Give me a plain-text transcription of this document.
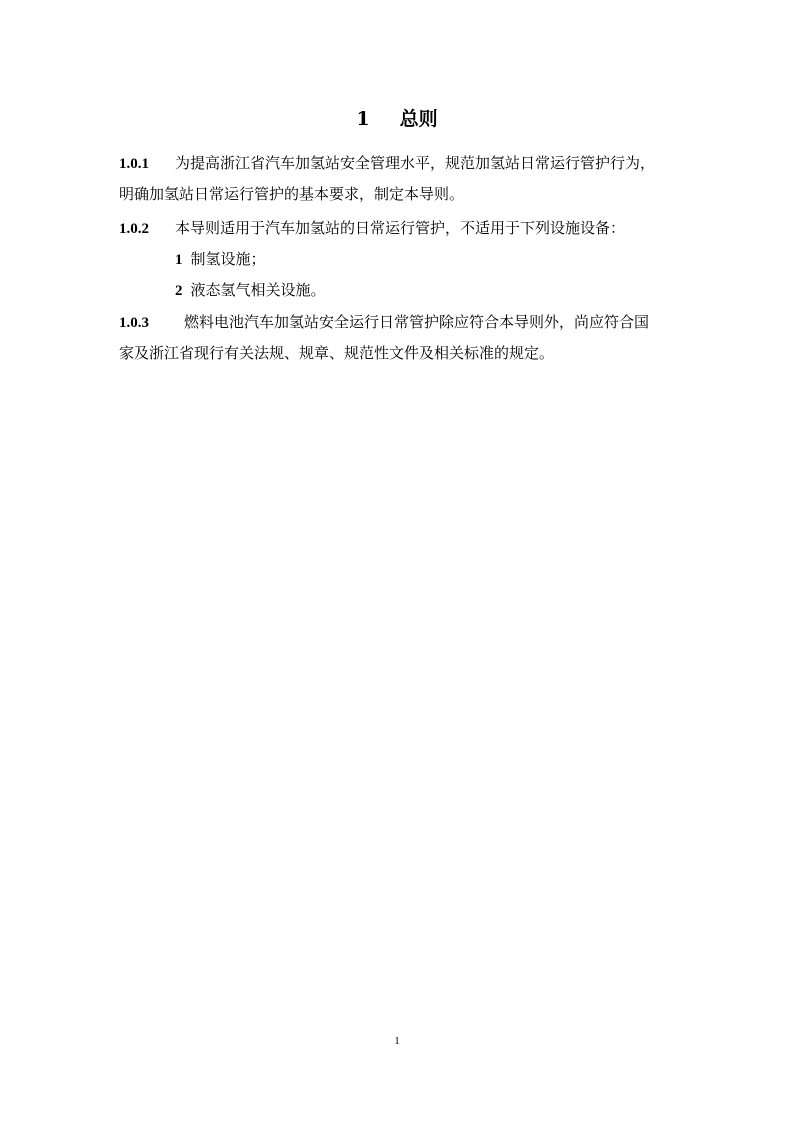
1 总则
1.0.1 为提高浙江省汽车加氢站安全管理水平，规范加氢站日常运行管护行为，
明确加氢站日常运行管护的基本要求，制定本导则。
1.0.2 本导则适用于汽车加氢站的日常运行管护，不适用于下列设施设备：
1 制氢设施；
2 液态氢气相关设施。
1.0.3 燃料电池汽车加氢站安全运行日常管护除应符合本导则外，尚应符合国
家及浙江省现行有关法规、规章、规范性文件及相关标准的规定。
1
